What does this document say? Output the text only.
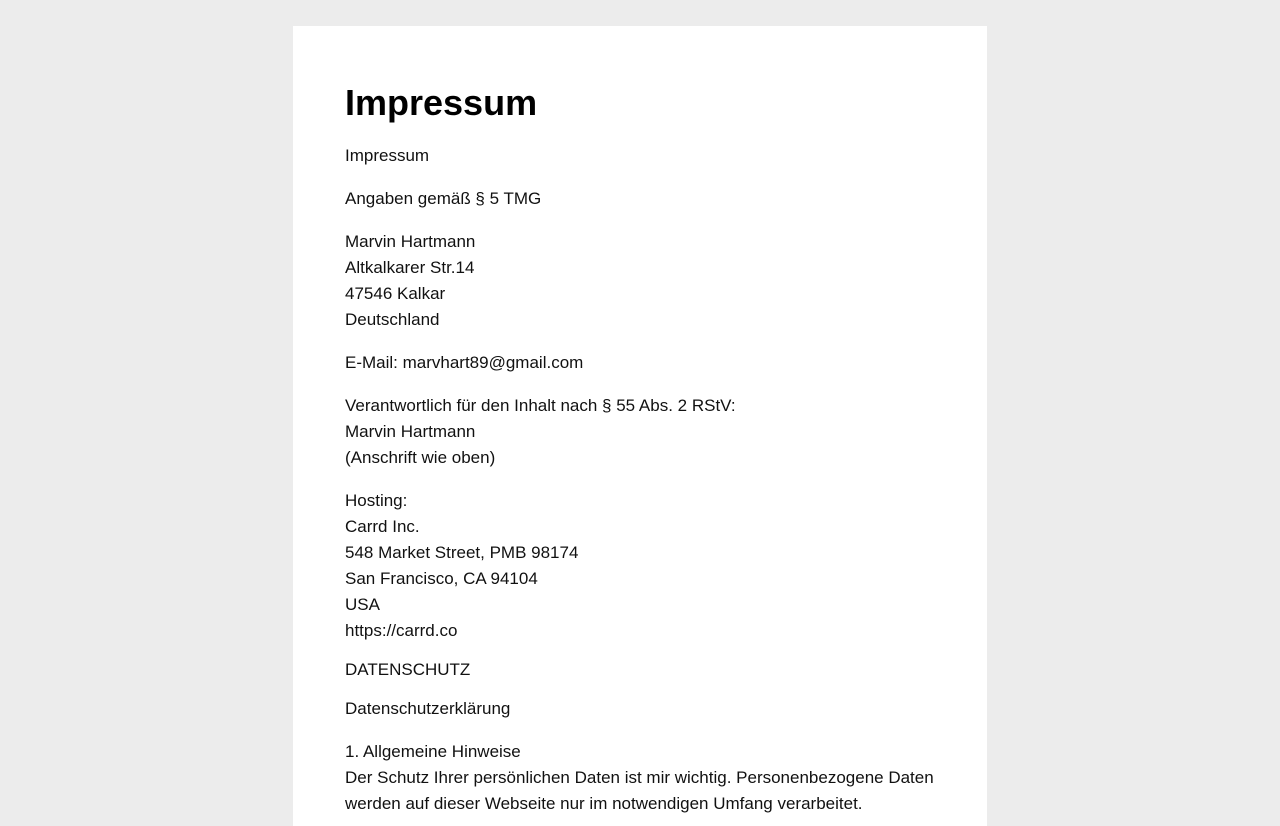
Impressum
Impressum
Angaben gemäß § 5 TMG
Marvin Hartmann
Altkalkarer Str.14
47546 Kalkar
Deutschland
E-Mail: marvhart89@gmail.com
Verantwortlich für den Inhalt nach § 55 Abs. 2 RStV:
Marvin Hartmann
(Anschrift wie oben)
Hosting:
Carrd Inc.
548 Market Street, PMB 98174
San Francisco, CA 94104
USA
https://carrd.co
DATENSCHUTZ
Datenschutzerklärung
1. Allgemeine Hinweise

Der Schutz Ihrer persönlichen Daten ist mir wichtig. Personenbezogene Daten werden auf dieser Webseite nur im notwendigen Umfang verarbeitet.
